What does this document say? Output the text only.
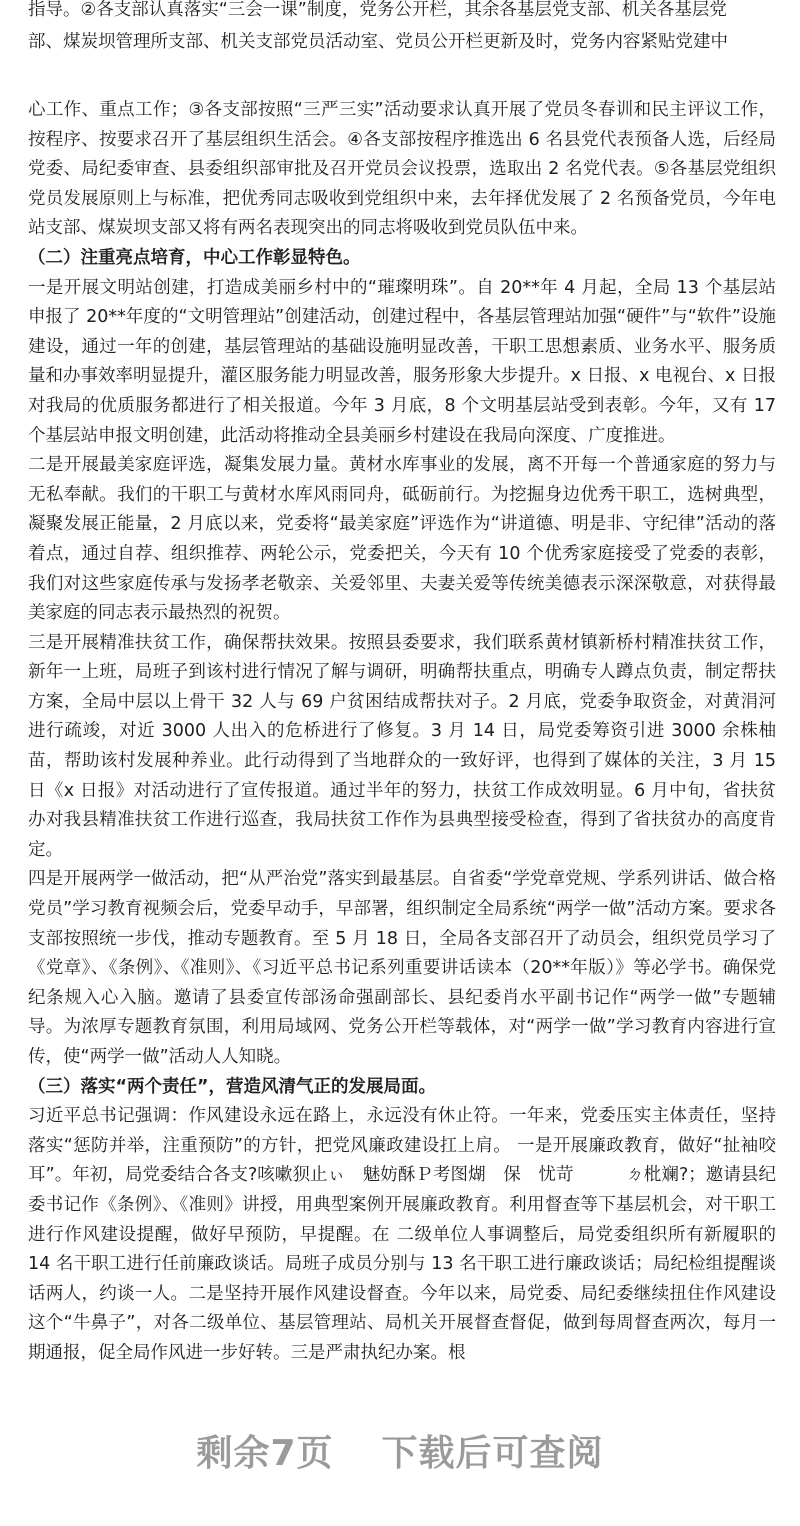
指导。②各支部认真落实“三会一课”制度，党务公开栏，其余各基层党支部、机关各基层党
部、煤炭坝管理所支部、机关支部党员活动室、党员公开栏更新及时，党务内容紧贴党建中

心工作、重点工作；③各支部按照“三严三实”活动要求认真开展了党员冬春训和民主评议工作，按程序、按要求召开了基层组织生活会。④各支部按程序推选出 6 名县党代表预备人选，后经局党委、局纪委审查、县委组织部审批及召开党员会议投票，选取出 2 名党代表。⑤各基层党组织党员发展原则上与标准，把优秀同志吸收到党组织中来，去年择优发展了 2 名预备党员，今年电站支部、煤炭坝支部又将有两名表现突出的同志将吸收到党员队伍中来。

（二）注重亮点培育，中心工作彰显特色。

一是开展文明站创建，打造成美丽乡村中的“璀璨明珠”。自 20**年 4 月起，全局 13 个基层站申报了 20**年度的“文明管理站”创建活动，创建过程中，各基层管理站加强“硬件”与“软件”设施建设，通过一年的创建，基层管理站的基础设施明显改善，干职工思想素质、业务水平、服务质量和办事效率明显提升，灌区服务能力明显改善，服务形象大步提升。x 日报、x 电视台、x 日报对我局的优质服务都进行了相关报道。今年 3 月底，8 个文明基层站受到表彰。今年，又有 17 个基层站申报文明创建，此活动将推动全县美丽乡村建设在我局向深度、广度推进。

二是开展最美家庭评选，凝集发展力量。黄材水库事业的发展，离不开每一个普通家庭的努力与无私奉献。我们的干职工与黄材水库风雨同舟，砥砺前行。为挖掘身边优秀干职工，选树典型，凝聚发展正能量，2 月底以来，党委将“最美家庭”评选作为“讲道德、明是非、守纪律”活动的落着点，通过自荐、组织推荐、两轮公示，党委把关，今天有 10 个优秀家庭接受了党委的表彰，我们对这些家庭传承与发扬孝老敬亲、关爱邻里、夫妻关爱等传统美德表示深深敬意，对获得最美家庭的同志表示最热烈的祝贺。

三是开展精准扶贫工作，确保帮扶效果。按照县委要求，我们联系黄材镇新桥村精准扶贫工作，新年一上班，局班子到该村进行情况了解与调研，明确帮扶重点，明确专人蹲点负责，制定帮扶方案，全局中层以上骨干 32 人与 69 户贫困结成帮扶对子。2 月底，党委争取资金，对黄涓河进行疏竣，对近 3000 人出入的危桥进行了修复。3 月 14 日，局党委筹资引进 3000 余株柚苗，帮助该村发展种养业。此行动得到了当地群众的一致好评，也得到了媒体的关注，3 月 15 日《x 日报》对活动进行了宣传报道。通过半年的努力，扶贫工作成效明显。6 月中旬，省扶贫办对我县精准扶贫工作进行巡查，我局扶贫工作作为县典型接受检查，得到了省扶贫办的高度肯定。

四是开展两学一做活动，把“从严治党”落实到最基层。自省委“学党章党规、学系列讲话、做合格党员”学习教育视频会后，党委早动手，早部署，组织制定全局系统“两学一做”活动方案。要求各支部按照统一步伐，推动专题教育。至 5 月 18 日，全局各支部召开了动员会，组织党员学习了《党章》、《条例》、《准则》、《习近平总书记系列重要讲话读本（20**年版）》等必学书。确保党纪条规入心入脑。邀请了县委宣传部汤命强副部长、县纪委肖水平副书记作“两学一做”专题辅导。为浓厚专题教育氛围，利用局域网、党务公开栏等载体，对“两学一做”学习教育内容进行宣传，使“两学一做”活动人人知晓。

（三）落实“两个责任”，营造风清气正的发展局面。

习近平总书记强调：作风建设永远在路上，永远没有休止符。一年来，党委压实主体责任，坚持落实“惩防并举，注重预防”的方针，把党风廉政建设扛上肩。 一是开展廉政教育，做好“扯袖咬耳”。年初，局党委结合各支?咳嗽狈止ぃ　魅妨酥Ｐ考图煳　保　忧苛　　　ㄉ枇斓?；邀请县纪委书记作《条例》、《准则》讲授，用典型案例开展廉政教育。利用督查等下基层机会，对干职工进行作风建设提醒，做好早预防，早提醒。在 二级单位人事调整后，局党委组织所有新履职的 14 名干职工进行任前廉政谈话。局班子成员分别与 13 名干职工进行廉政谈话；局纪检组提醒谈话两人，约谈一人。二是坚持开展作风建设督查。今年以来，局党委、局纪委继续扭住作风建设这个“牛鼻子”，对各二级单位、基层管理站、局机关开展督查督促，做到每周督查两次，每月一期通报，促全局作风进一步好转。三是严肃执纪办案。根

剩余7页 下载后可查阅
